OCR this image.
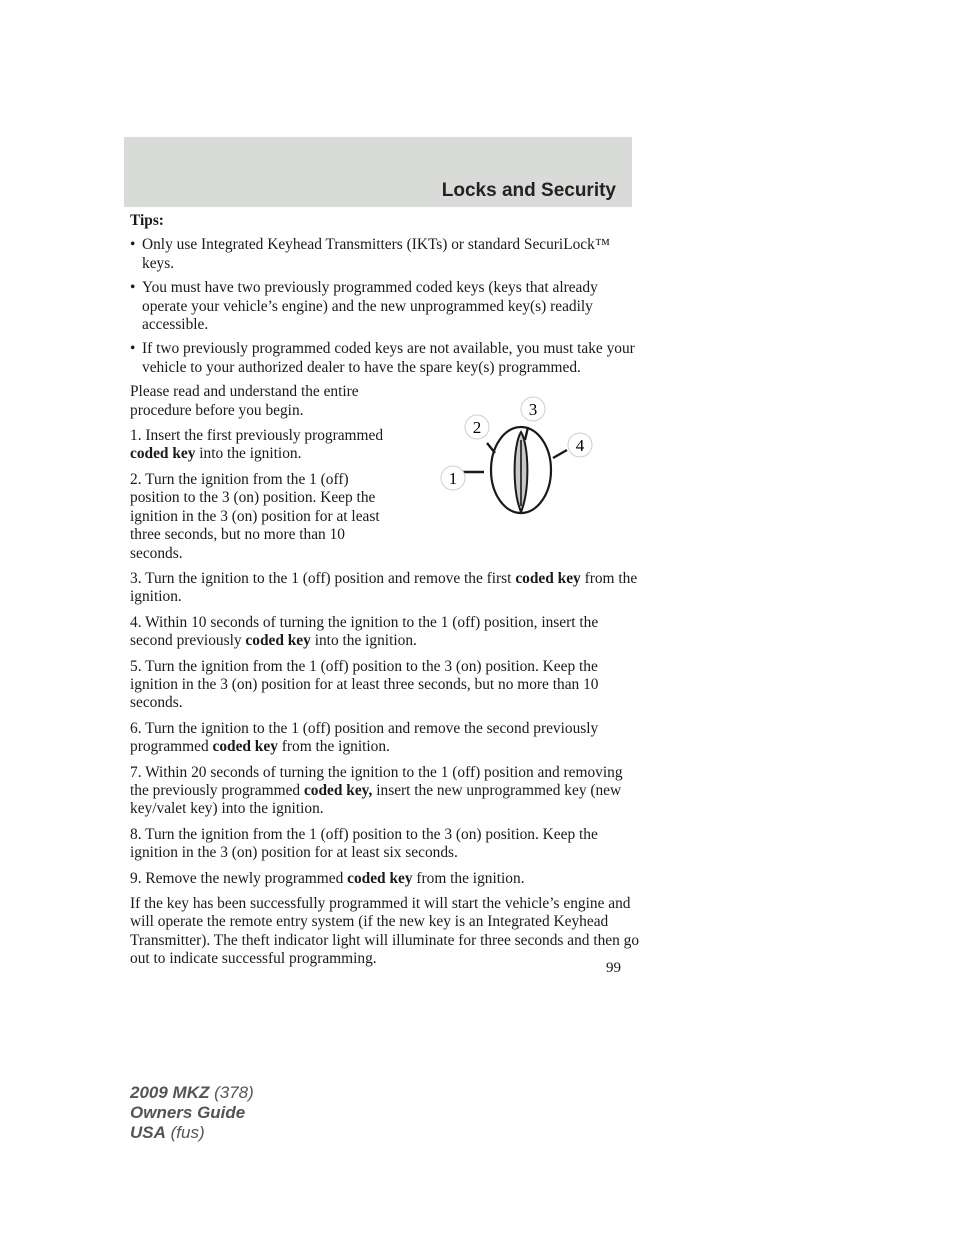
Locks and Security

Tips:

• Only use Integrated Keyhead Transmitters (IKTs) or standard SecuriLock™ keys.
• You must have two previously programmed coded keys (keys that already operate your vehicle’s engine) and the new unprogrammed key(s) readily accessible.
• If two previously programmed coded keys are not available, you must take your vehicle to your authorized dealer to have the spare key(s) programmed.

Please read and understand the entire procedure before you begin.

1. Insert the first previously programmed coded key into the ignition.

2. Turn the ignition from the 1 (off) position to the 3 (on) position. Keep the ignition in the 3 (on) position for at least three seconds, but no more than 10 seconds.

3. Turn the ignition to the 1 (off) position and remove the first coded key from the ignition.

4. Within 10 seconds of turning the ignition to the 1 (off) position, insert the second previously coded key into the ignition.

5. Turn the ignition from the 1 (off) position to the 3 (on) position. Keep the ignition in the 3 (on) position for at least three seconds, but no more than 10 seconds.

6. Turn the ignition to the 1 (off) position and remove the second previously programmed coded key from the ignition.

7. Within 20 seconds of turning the ignition to the 1 (off) position and removing the previously programmed coded key, insert the new unprogrammed key (new key/valet key) into the ignition.

8. Turn the ignition from the 1 (off) position to the 3 (on) position. Keep the ignition in the 3 (on) position for at least six seconds.

9. Remove the newly programmed coded key from the ignition.

If the key has been successfully programmed it will start the vehicle’s engine and will operate the remote entry system (if the new key is an Integrated Keyhead Transmitter). The theft indicator light will illuminate for three seconds and then go out to indicate successful programming.

1
2
3
4
99
2009 MKZ (378)
Owners Guide
USA (fus)
